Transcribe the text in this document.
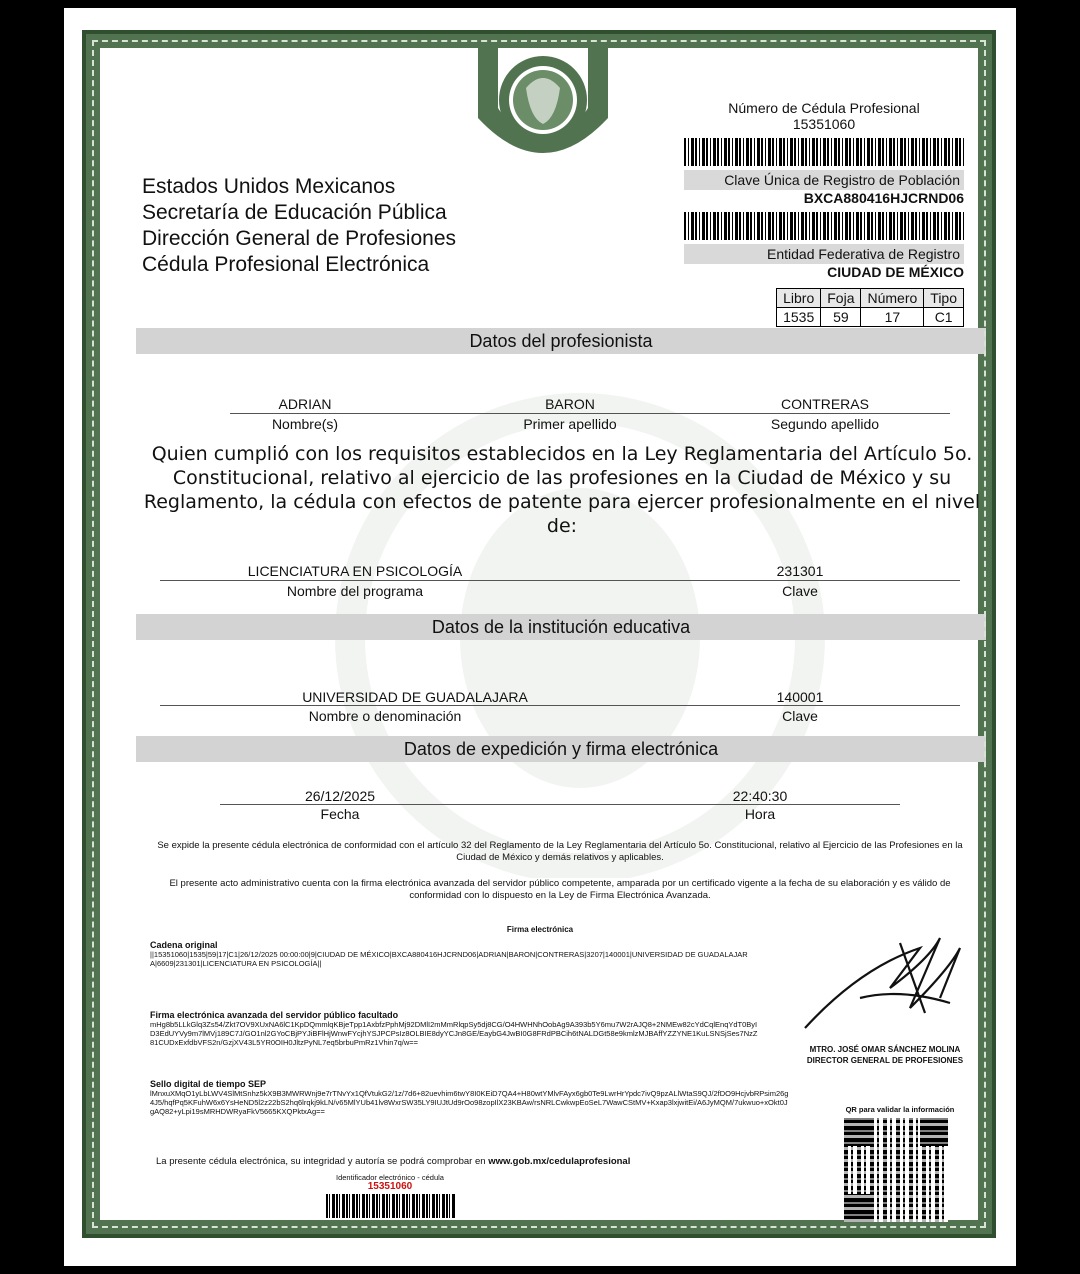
Estados Unidos Mexicanos
Secretaría de Educación Pública
Dirección General de Profesiones
Cédula Profesional Electrónica
Número de Cédula Profesional
15351060
Clave Única de Registro de Población
BXCA880416HJCRND06
Entidad Federativa de Registro
CIUDAD DE MÉXICO
Libro	Foja	Número	Tipo
1535	59	17	C1
Datos del profesionista
ADRIAN	BARON	CONTRERAS
Nombre(s)	Primer apellido	Segundo apellido
Quien cumplió con los requisitos establecidos en la Ley Reglamentaria del Artículo 5o. Constitucional, relativo al ejercicio de las profesiones en la Ciudad de México y su Reglamento, la cédula con efectos de patente para ejercer profesionalmente en el nivel de:
LICENCIATURA EN PSICOLOGÍA	231301
Nombre del programa	Clave
Datos de la institución educativa
UNIVERSIDAD DE GUADALAJARA	140001
Nombre o denominación	Clave
Datos de expedición y firma electrónica
26/12/2025	22:40:30
Fecha	Hora
Se expide la presente cédula electrónica de conformidad con el artículo 32 del Reglamento de la Ley Reglamentaria del Artículo 5o. Constitucional, relativo al Ejercicio de las Profesiones en la Ciudad de México y demás relativos y aplicables.
El presente acto administrativo cuenta con la firma electrónica avanzada del servidor público competente, amparada por un certificado vigente a la fecha de su elaboración y es válido de conformidad con lo dispuesto en la Ley de Firma Electrónica Avanzada.
Firma electrónica
Cadena original
||15351060|1535|59|17|C1|26/12/2025 00:00:00|9|CIUDAD DE MÉXICO|BXCA880416HJCRND06|ADRIAN|BARON|CONTRERAS|3207|140001|UNIVERSIDAD DE GUADALAJARA|6609|231301|LICENCIATURA EN PSICOLOGÍA||
Firma electrónica avanzada del servidor público facultado
mHg8b5LLkGlq3Zs54/Zkt7OV9XUxNA6lC1KpDQmmlqKBjeTpp1AxbfzPphMj92DMlI2mMmRlqpSy5dj8CG/O4HWHNhOobAg9A393b5Y6mu7W2rAJQ8+2NMEw82cYdCqlEnqYdT0ByID3EdUYVy9m7lMVj189C7J/GO1nl2GYoCBjPYJiBFlHjWnwFYcjhYSJPCPsIz8OLBIE8dyYCJn8GE/EaybG4JwBI0G8FRdPBCih6tNALDGt58e9kmlzMJBAffYZZYNE1KuLSNSjSes7NzZ81CUDxExfdbVFS2n/GzjXV43L5YR0OIH0JltzPyNL7eq5brbuPmRz1Vhin7q/w==
Sello digital de tiempo SEP
lMnxuXMqO1yLbLWV4SlMtSnhz5kX9B3MWRWnj9e7rTNvYx1QfVtukG2/1z/7d6+82uevhim6twY8I0KEiD7QA4+H80wtYMlvFAyx6gb0Te9LwrHrYpdc7ivQ9pzALlWtaS9QJ/2fDO9HcjvbRPsim26g4J5/hqfPq5KFuhW6x6YsHeND5l2z22bS2hq6lrqkj9kLN/v65MlYUb41lv8WxrSW35LY9IUJtUd9rOo98zopIlX23KBAw/rsNRLCwkwpEoSeL7WawCStMV+Kxap3lxjwitEi/A6JyMQM/7ukwuo+xOkt0JgAQ82+yLpi19sMRHDWRyaFkV5665KXQPktxAg==
MTRO. JOSÉ OMAR SÁNCHEZ MOLINA
DIRECTOR GENERAL DE PROFESIONES
QR para validar la información
La presente cédula electrónica, su integridad y autoría se podrá comprobar en www.gob.mx/cedulaprofesional
Identificador electrónico - cédula
15351060
